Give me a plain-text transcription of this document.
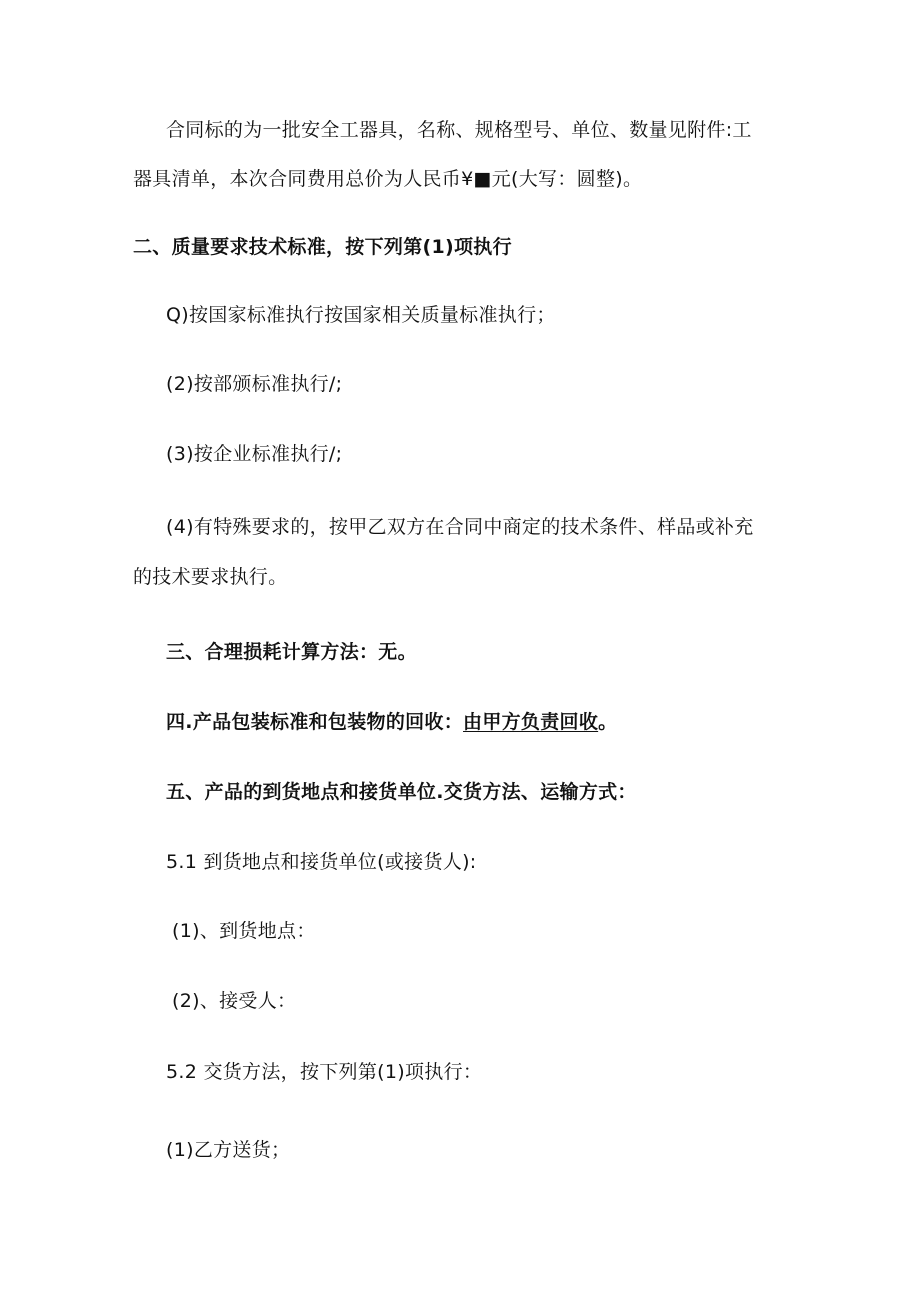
合同标的为一批安全工器具，名称、规格型号、单位、数量见附件:工
器具清单，本次合同费用总价为人民币¥■元(大写：圆整)。
二、质量要求技术标准，按下列第(1)项执行
Q)按国家标准执行按国家相关质量标准执行；
(2)按部颁标准执行/;
(3)按企业标准执行/;
(4)有特殊要求的，按甲乙双方在合同中商定的技术条件、样品或补充
的技术要求执行。
三、合理损耗计算方法：无。
四.产品包装标准和包装物的回收：由甲方负责回收。
五、产品的到货地点和接货单位.交货方法、运输方式：
5.1 到货地点和接货单位(或接货人):
(1)、到货地点：
(2)、接受人：
5.2 交货方法，按下列第(1)项执行：
(1)乙方送货；
